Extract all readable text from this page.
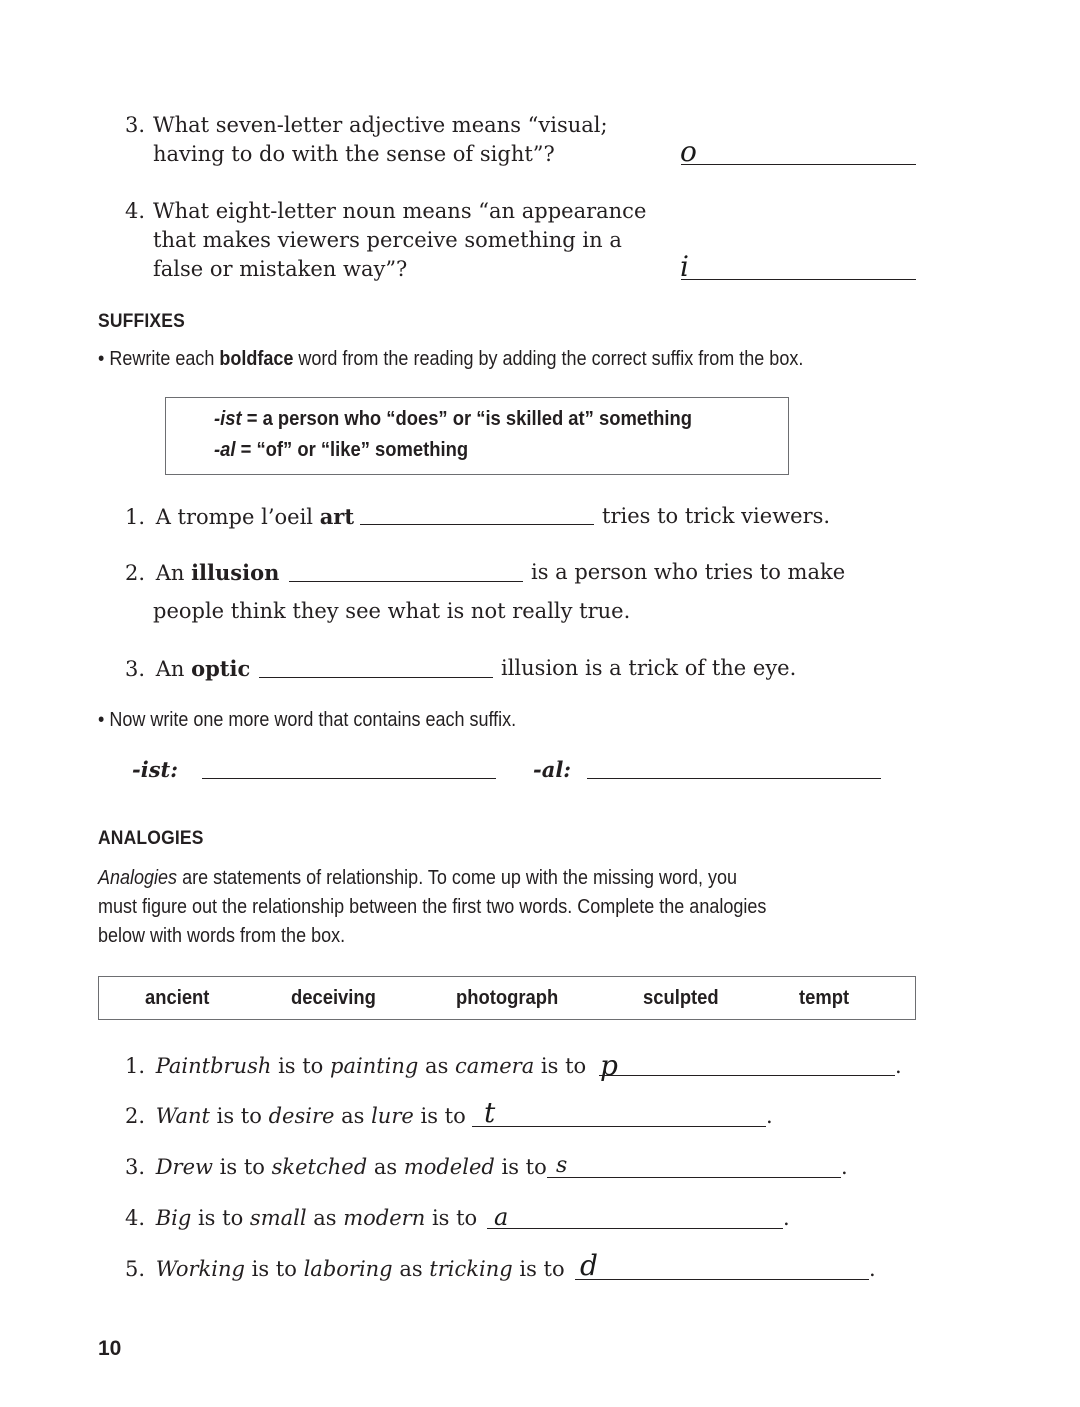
3. What seven-letter adjective means “visual;
having to do with the sense of sight”?	o
4. What eight-letter noun means “an appearance
that makes viewers perceive something in a
false or mistaken way”?	i
SUFFIXES
• Rewrite each boldface word from the reading by adding the correct suffix from the box.
-ist = a person who “does” or “is skilled at” something
-al = “of” or “like” something
1. A trompe l’oeil art	tries to trick viewers.
2. An illusion	is a person who tries to make
people think they see what is not really true.
3. An optic	illusion is a trick of the eye.
• Now write one more word that contains each suffix.
-ist:	-al:
ANALOGIES
Analogies are statements of relationship. To come up with the missing word, you
must figure out the relationship between the first two words. Complete the analogies
below with words from the box.
ancient	deceiving	photograph	sculpted	tempt
1. Paintbrush is to painting as camera is to p	.
2. Want is to desire as lure is to t	.
3. Drew is to sketched as modeled is to s	.
4. Big is to small as modern is to a	.
5. Working is to laboring as tricking is to d	.
10
